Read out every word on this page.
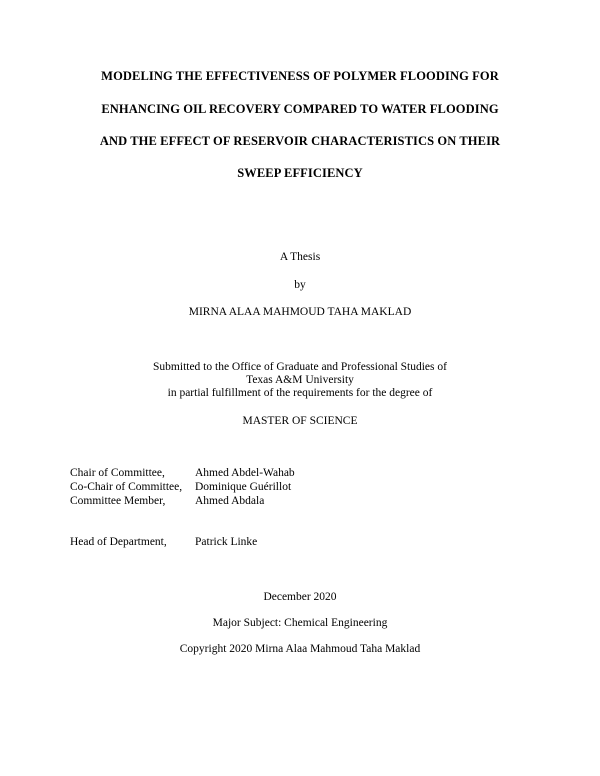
MODELING THE EFFECTIVENESS OF POLYMER FLOODING FOR
ENHANCING OIL RECOVERY COMPARED TO WATER FLOODING
AND THE EFFECT OF RESERVOIR CHARACTERISTICS ON THEIR
SWEEP EFFICIENCY
A Thesis
by
MIRNA ALAA MAHMOUD TAHA MAKLAD
Submitted to the Office of Graduate and Professional Studies of
Texas A&M University
in partial fulfillment of the requirements for the degree of
MASTER OF SCIENCE
Chair of Committee,	Ahmed Abdel-Wahab
Co-Chair of Committee, Dominique Guérillot
Committee Member,	Ahmed Abdala
Head of Department, Patrick Linke
December 2020
Major Subject: Chemical Engineering
Copyright 2020 Mirna Alaa Mahmoud Taha Maklad
